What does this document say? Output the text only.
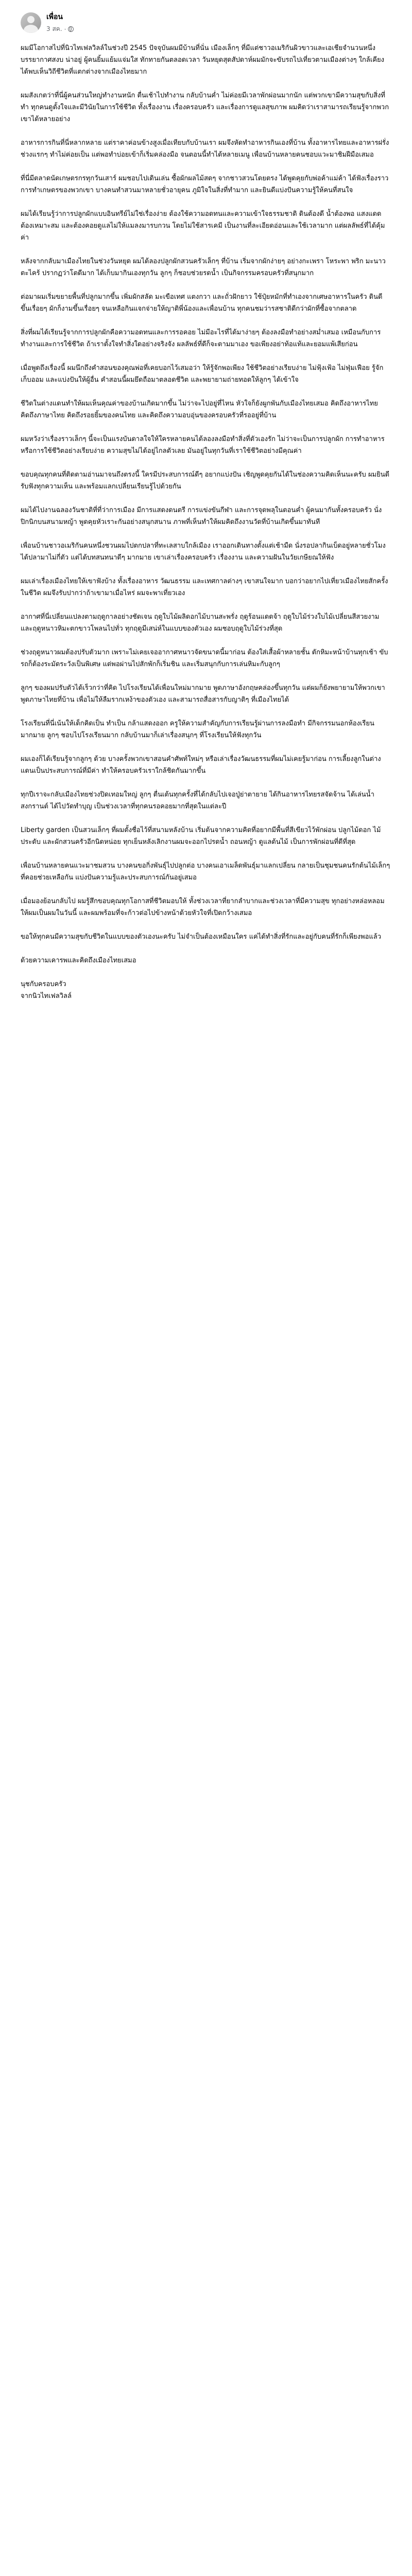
เพื่อน
3 สค. ·

ผมมีโอกาสไปที่นิวไทเฟลวิลล์ในช่วงปี 2545 ปัจจุบันผมมีบ้านที่นั่น เมืองเล็กๆ ที่มีแต่ชาวอเมริกันผิวขาวและเอเชียจำนวนหนึ่ง บรรยากาศสงบ น่าอยู่ ผู้คนยิ้มแย้มแจ่มใส ทักทายกันตลอดเวลา วันหยุดสุดสัปดาห์ผมมักจะขับรถไปเที่ยวตามเมืองต่างๆ ใกล้เคียง ได้พบเห็นวิถีชีวิตที่แตกต่างจากเมืองไทยมาก

ผมสังเกตว่าที่นี่ผู้คนส่วนใหญ่ทำงานหนัก ตื่นเช้าไปทำงาน กลับบ้านค่ำ ไม่ค่อยมีเวลาพักผ่อนมากนัก แต่พวกเขามีความสุขกับสิ่งที่ทำ ทุกคนดูตั้งใจและมีวินัยในการใช้ชีวิต ทั้งเรื่องงาน เรื่องครอบครัว และเรื่องการดูแลสุขภาพ ผมคิดว่าเราสามารถเรียนรู้จากพวกเขาได้หลายอย่าง

อาหารการกินที่นี่หลากหลาย แต่ราคาค่อนข้างสูงเมื่อเทียบกับบ้านเรา ผมจึงหัดทำอาหารกินเองที่บ้าน ทั้งอาหารไทยและอาหารฝรั่ง ช่วงแรกๆ ทำไม่ค่อยเป็น แต่พอทำบ่อยเข้าก็เริ่มคล่องมือ จนตอนนี้ทำได้หลายเมนู เพื่อนบ้านหลายคนชอบแวะมาชิมฝีมือเสมอ

ที่นี่มีตลาดนัดเกษตรกรทุกวันเสาร์ ผมชอบไปเดินเล่น ซื้อผักผลไม้สดๆ จากชาวสวนโดยตรง ได้พูดคุยกับพ่อค้าแม่ค้า ได้ฟังเรื่องราวการทำเกษตรของพวกเขา บางคนทำสวนมาหลายชั่วอายุคน ภูมิใจในสิ่งที่ทำมาก และยินดีแบ่งปันความรู้ให้คนที่สนใจ

ผมได้เรียนรู้ว่าการปลูกผักแบบอินทรีย์ไม่ใช่เรื่องง่าย ต้องใช้ความอดทนและความเข้าใจธรรมชาติ ดินต้องดี น้ำต้องพอ แสงแดดต้องเหมาะสม และต้องคอยดูแลไม่ให้แมลงมารบกวน โดยไม่ใช้สารเคมี เป็นงานที่ละเอียดอ่อนและใช้เวลามาก แต่ผลลัพธ์ที่ได้คุ้มค่า

หลังจากกลับมาเมืองไทยในช่วงวันหยุด ผมได้ลองปลูกผักสวนครัวเล็กๆ ที่บ้าน เริ่มจากผักง่ายๆ อย่างกะเพรา โหระพา พริก มะนาว ตะไคร้ ปรากฏว่าโตดีมาก ได้เก็บมากินเองทุกวัน ลูกๆ ก็ชอบช่วยรดน้ำ เป็นกิจกรรมครอบครัวที่สนุกมาก

ต่อมาผมเริ่มขยายพื้นที่ปลูกมากขึ้น เพิ่มผักสลัด มะเขือเทศ แตงกวา และถั่วฝักยาว ใช้ปุ๋ยหมักที่ทำเองจากเศษอาหารในครัว ดินดีขึ้นเรื่อยๆ ผักก็งามขึ้นเรื่อยๆ จนเหลือกินแจกจ่ายให้ญาติพี่น้องและเพื่อนบ้าน ทุกคนชมว่ารสชาติดีกว่าผักที่ซื้อจากตลาด

สิ่งที่ผมได้เรียนรู้จากการปลูกผักคือความอดทนและการรอคอย ไม่มีอะไรที่ได้มาง่ายๆ ต้องลงมือทำอย่างสม่ำเสมอ เหมือนกับการทำงานและการใช้ชีวิต ถ้าเราตั้งใจทำสิ่งใดอย่างจริงจัง ผลลัพธ์ที่ดีก็จะตามมาเอง ขอเพียงอย่าท้อแท้และยอมแพ้เสียก่อน

เมื่อพูดถึงเรื่องนี้ ผมนึกถึงคำสอนของคุณพ่อที่เคยบอกไว้เสมอว่า ให้รู้จักพอเพียง ใช้ชีวิตอย่างเรียบง่าย ไม่ฟุ้งเฟ้อ ไม่ฟุ่มเฟือย รู้จักเก็บออม และแบ่งปันให้ผู้อื่น คำสอนนี้ผมยึดถือมาตลอดชีวิต และพยายามถ่ายทอดให้ลูกๆ ได้เข้าใจ

ชีวิตในต่างแดนทำให้ผมเห็นคุณค่าของบ้านเกิดมากขึ้น ไม่ว่าจะไปอยู่ที่ไหน หัวใจก็ยังผูกพันกับเมืองไทยเสมอ คิดถึงอาหารไทย คิดถึงภาษาไทย คิดถึงรอยยิ้มของคนไทย และคิดถึงความอบอุ่นของครอบครัวที่รออยู่ที่บ้าน

ผมหวังว่าเรื่องราวเล็กๆ นี้จะเป็นแรงบันดาลใจให้ใครหลายคนได้ลองลงมือทำสิ่งที่ตัวเองรัก ไม่ว่าจะเป็นการปลูกผัก การทำอาหาร หรือการใช้ชีวิตอย่างเรียบง่าย ความสุขไม่ได้อยู่ไกลตัวเลย มันอยู่ในทุกวันที่เราใช้ชีวิตอย่างมีคุณค่า

ขอบคุณทุกคนที่ติดตามอ่านมาจนถึงตรงนี้ ใครมีประสบการณ์ดีๆ อยากแบ่งปัน เชิญพูดคุยกันได้ในช่องความคิดเห็นนะครับ ผมยินดีรับฟังทุกความเห็น และพร้อมแลกเปลี่ยนเรียนรู้ไปด้วยกัน

ผมได้ไปงานฉลองวันชาติที่ที่ว่าการเมือง มีการแสดงดนตรี การแข่งขันกีฬา และการจุดพลุในตอนค่ำ ผู้คนมากันทั้งครอบครัว นั่งปิกนิกบนสนามหญ้า พูดคุยหัวเราะกันอย่างสนุกสนาน ภาพที่เห็นทำให้ผมคิดถึงงานวัดที่บ้านเกิดขึ้นมาทันที

เพื่อนบ้านชาวอเมริกันคนหนึ่งชวนผมไปตกปลาที่ทะเลสาบใกล้เมือง เราออกเดินทางตั้งแต่เช้ามืด นั่งรอปลากินเบ็ดอยู่หลายชั่วโมง ได้ปลามาไม่กี่ตัว แต่ได้บทสนทนาดีๆ มากมาย เขาเล่าเรื่องครอบครัว เรื่องงาน และความฝันในวัยเกษียณให้ฟัง

ผมเล่าเรื่องเมืองไทยให้เขาฟังบ้าง ทั้งเรื่องอาหาร วัฒนธรรม และเทศกาลต่างๆ เขาสนใจมาก บอกว่าอยากไปเที่ยวเมืองไทยสักครั้งในชีวิต ผมจึงรับปากว่าถ้าเขามาเมื่อไหร่ ผมจะพาเที่ยวเอง

อากาศที่นี่เปลี่ยนแปลงตามฤดูกาลอย่างชัดเจน ฤดูใบไม้ผลิดอกไม้บานสะพรั่ง ฤดูร้อนแดดจ้า ฤดูใบไม้ร่วงใบไม้เปลี่ยนสีสวยงาม และฤดูหนาวหิมะตกขาวโพลนไปทั่ว ทุกฤดูมีเสน่ห์ในแบบของตัวเอง ผมชอบฤดูใบไม้ร่วงที่สุด

ช่วงฤดูหนาวผมต้องปรับตัวมาก เพราะไม่เคยเจออากาศหนาวจัดขนาดนี้มาก่อน ต้องใส่เสื้อผ้าหลายชั้น ตักหิมะหน้าบ้านทุกเช้า ขับรถก็ต้องระมัดระวังเป็นพิเศษ แต่พอผ่านไปสักพักก็เริ่มชิน และเริ่มสนุกกับการเล่นหิมะกับลูกๆ

ลูกๆ ของผมปรับตัวได้เร็วกว่าที่คิด ไปโรงเรียนได้เพื่อนใหม่มากมาย พูดภาษาอังกฤษคล่องขึ้นทุกวัน แต่ผมก็ยังพยายามให้พวกเขาพูดภาษาไทยที่บ้าน เพื่อไม่ให้ลืมรากเหง้าของตัวเอง และสามารถสื่อสารกับญาติๆ ที่เมืองไทยได้

โรงเรียนที่นี่เน้นให้เด็กคิดเป็น ทำเป็น กล้าแสดงออก ครูให้ความสำคัญกับการเรียนรู้ผ่านการลงมือทำ มีกิจกรรมนอกห้องเรียนมากมาย ลูกๆ ชอบไปโรงเรียนมาก กลับบ้านมาก็เล่าเรื่องสนุกๆ ที่โรงเรียนให้ฟังทุกวัน

ผมเองก็ได้เรียนรู้จากลูกๆ ด้วย บางครั้งพวกเขาสอนคำศัพท์ใหม่ๆ หรือเล่าเรื่องวัฒนธรรมที่ผมไม่เคยรู้มาก่อน การเลี้ยงลูกในต่างแดนเป็นประสบการณ์ที่มีค่า ทำให้ครอบครัวเราใกล้ชิดกันมากขึ้น

ทุกปีเราจะกลับเมืองไทยช่วงปิดเทอมใหญ่ ลูกๆ ตื่นเต้นทุกครั้งที่ได้กลับไปเจอปู่ย่าตายาย ได้กินอาหารไทยรสจัดจ้าน ได้เล่นน้ำสงกรานต์ ได้ไปวัดทำบุญ เป็นช่วงเวลาที่ทุกคนรอคอยมากที่สุดในแต่ละปี

Liberty garden เป็นสวนเล็กๆ ที่ผมตั้งชื่อไว้ที่สนามหลังบ้าน เริ่มต้นจากความคิดที่อยากมีพื้นที่สีเขียวไว้พักผ่อน ปลูกไม้ดอก ไม้ประดับ และผักสวนครัวอีกนิดหน่อย ทุกเย็นหลังเลิกงานผมจะออกไปรดน้ำ ถอนหญ้า ดูแลต้นไม้ เป็นการพักผ่อนที่ดีที่สุด

เพื่อนบ้านหลายคนแวะมาชมสวน บางคนขอกิ่งพันธุ์ไปปลูกต่อ บางคนเอาเมล็ดพันธุ์มาแลกเปลี่ยน กลายเป็นชุมชนคนรักต้นไม้เล็กๆ ที่คอยช่วยเหลือกัน แบ่งปันความรู้และประสบการณ์กันอยู่เสมอ

เมื่อมองย้อนกลับไป ผมรู้สึกขอบคุณทุกโอกาสที่ชีวิตมอบให้ ทั้งช่วงเวลาที่ยากลำบากและช่วงเวลาที่มีความสุข ทุกอย่างหล่อหลอมให้ผมเป็นผมในวันนี้ และผมพร้อมที่จะก้าวต่อไปข้างหน้าด้วยหัวใจที่เปิดกว้างเสมอ

ขอให้ทุกคนมีความสุขกับชีวิตในแบบของตัวเองนะครับ ไม่จำเป็นต้องเหมือนใคร แค่ได้ทำสิ่งที่รักและอยู่กับคนที่รักก็เพียงพอแล้ว

ด้วยความเคารพและคิดถึงเมืองไทยเสมอ

นุชกับครอบครัว
จากนิวไทเฟลวิลล์
